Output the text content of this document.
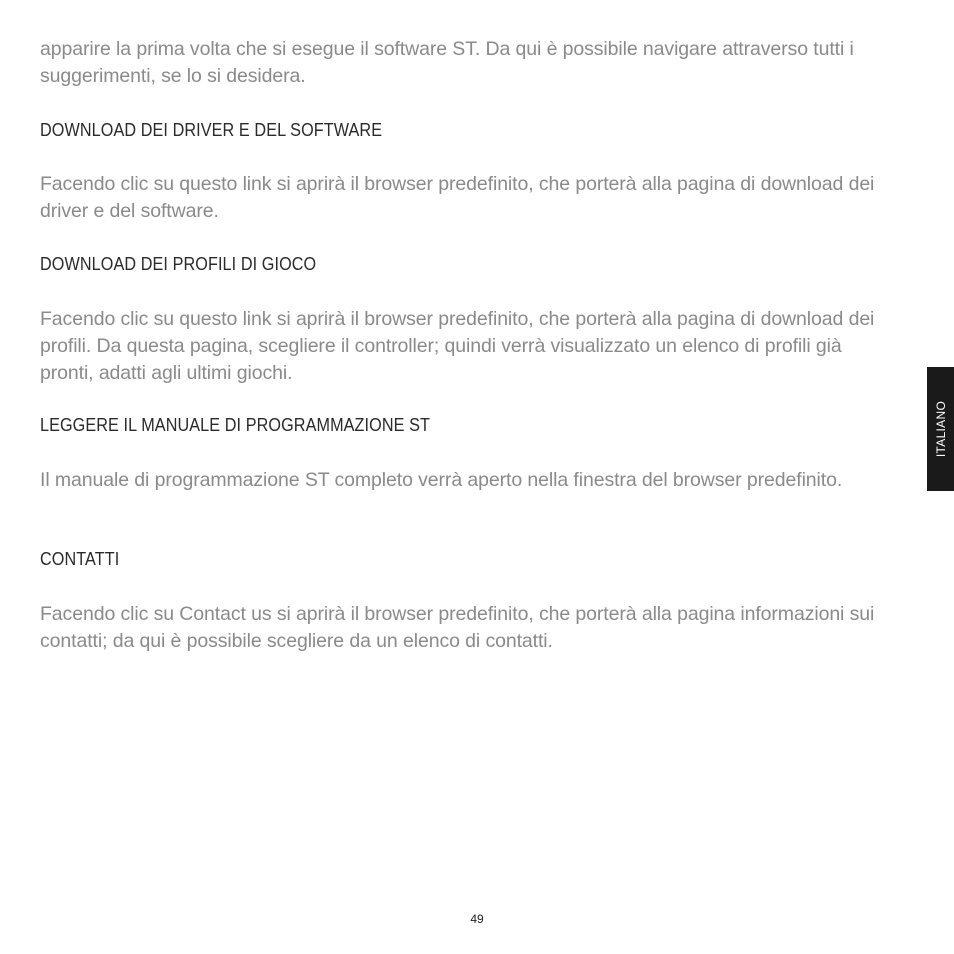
apparire la prima volta che si esegue il software ST. Da qui è possibile navigare attraverso tutti i suggerimenti, se lo si desidera.

DOWNLOAD DEI DRIVER E DEL SOFTWARE

Facendo clic su questo link si aprirà il browser predefinito, che porterà alla pagina di download dei driver e del software.

DOWNLOAD DEI PROFILI DI GIOCO

Facendo clic su questo link si aprirà il browser predefinito, che porterà alla pagina di download dei profili. Da questa pagina, scegliere il controller; quindi verrà visualizzato un elenco di profili già pronti, adatti agli ultimi giochi.

LEGGERE IL MANUALE DI PROGRAMMAZIONE ST

Il manuale di programmazione ST completo verrà aperto nella finestra del browser predefinito.

CONTATTI

Facendo clic su Contact us si aprirà il browser predefinito, che porterà alla pagina informazioni sui contatti; da qui è possibile scegliere da un elenco di contatti.

ITALIANO
49
